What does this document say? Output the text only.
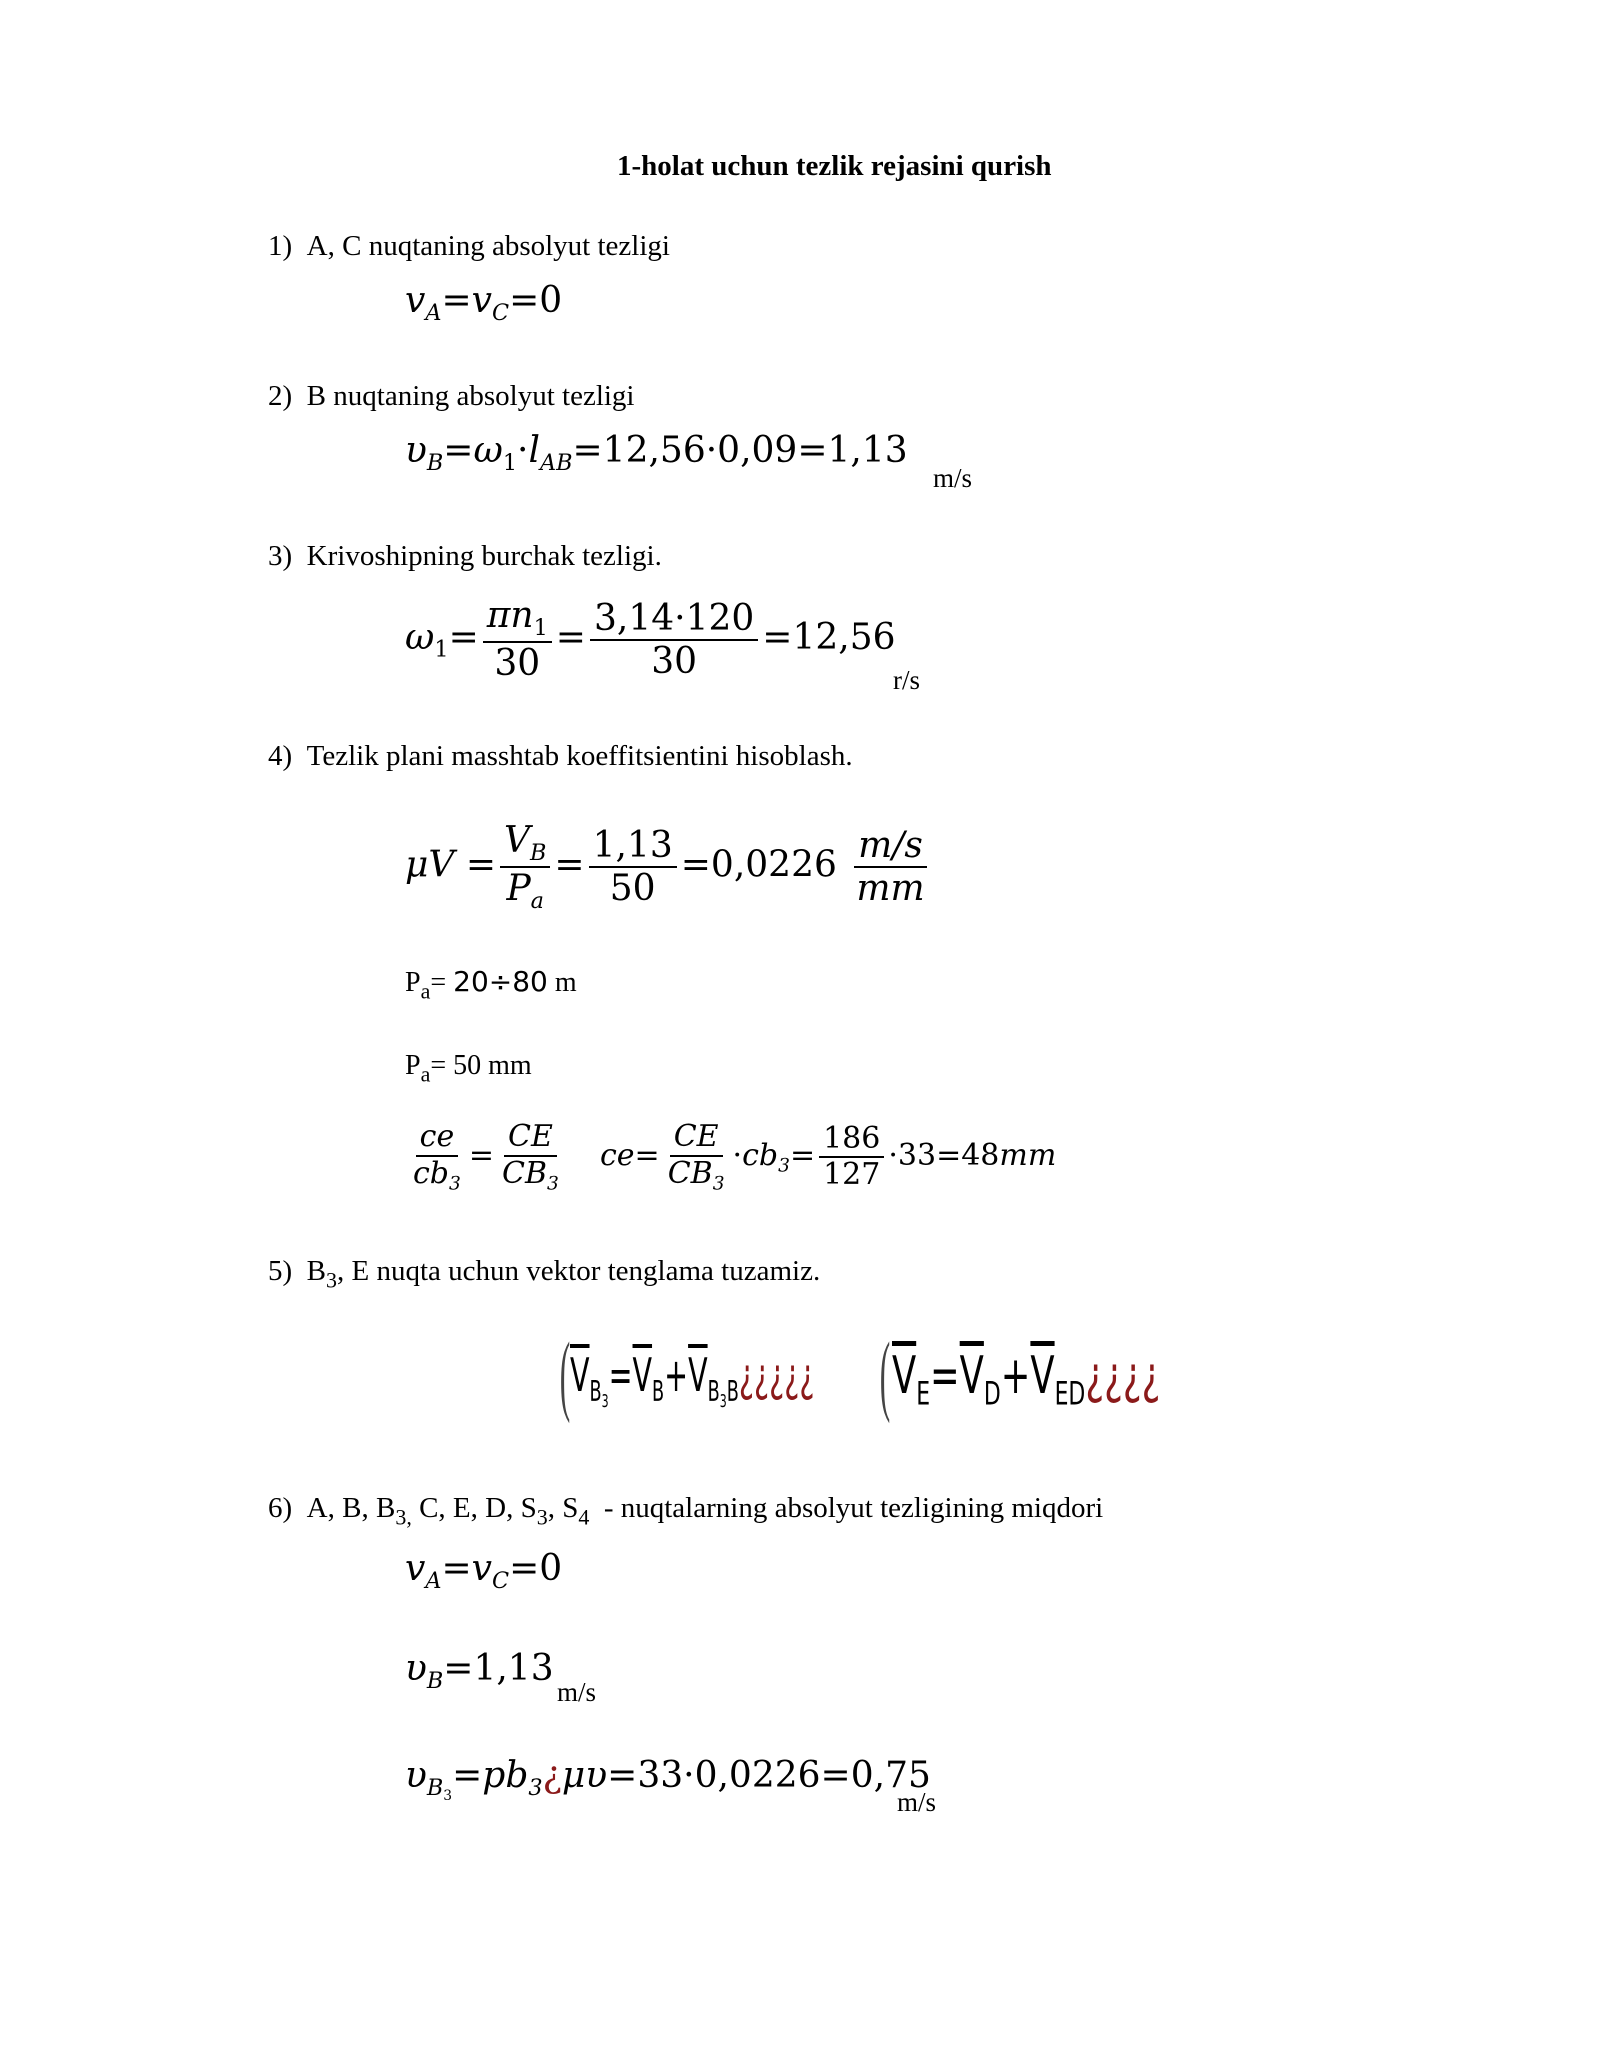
1-holat uchun tezlik rejasini qurish
1) A, C nuqtaning absolyut tezligi
$v_A=v_C=0$
2) B nuqtaning absolyut tezligi
$\upsilon_B=\omega_1\cdot l_{AB}=12,56\cdot 0,09=1,13$
m/s
3) Krivoshipning burchak tezligi.
$\omega_1= \frac{\pi n_1}{30} = \frac{3,14\cdot 120}{30} =12,56$
r/s
4) Tezlik plani masshtab koeffitsientini hisoblash.
$\mu V = \frac{V_B}{P_a} = \frac{1,13}{50} =0,0226 \frac{m/s}{mm}$
$P_a= 20\div 80$ m
$P_a= 50$ mm
$\frac{ce}{cb_3} = \frac{CE}{CB_3} ce= \frac{CE}{CB_3} \cdot cb_3= \frac{186}{127} \cdot 33=48mm$
5) $B_3$, E nuqta uchun vektor tenglama tuzamiz.
( $\overline{V}_{B_3}=\overline{V}_B+\overline{V}_{B_3B}¿¿¿¿¿$ ( $\overline{V}_E=\overline{V}_D+\overline{V}_{ED}¿¿¿¿$
6)  A, B, $B_{3,}$ C, E, D, $S_3$, $S_4$  - nuqtalarning absolyut tezligining miqdori
$v_A=v_C=0$
$\upsilon_B=1,13$
m/s
$\upsilon_{B_3}=pb_3¿\mu\upsilon=33\cdot 0,0226=0,75$
m/s
